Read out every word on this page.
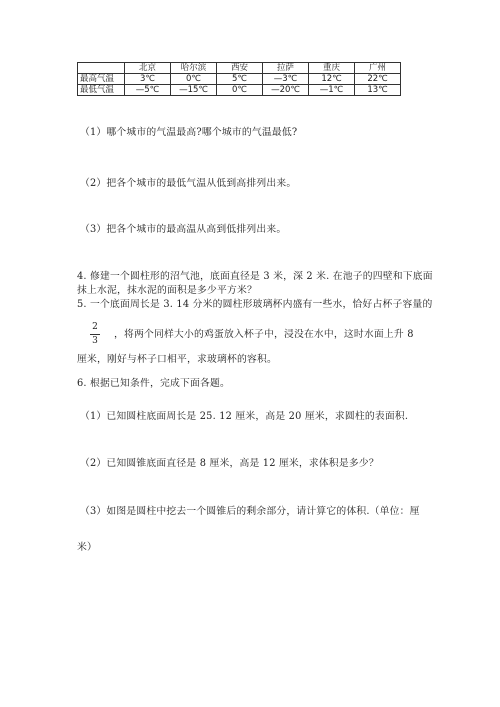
	北京	哈尔滨	西安	拉萨	重庆	广州
最高气温	3℃	0℃	5℃	—3℃	12℃	22℃
最低气温	—5℃	—15℃	0℃	—20℃	—1℃	13℃
（1）哪个城市的气温最高?哪个城市的气温最低?
（2）把各个城市的最低气温从低到高排列出来。
（3）把各个城市的最高温从高到低排列出来。
4. 修建一个圆柱形的沼气池，底面直径是 3 米，深 2 米. 在池子的四壁和下底面
抹上水泥，抹水泥的面积是多少平方米？
5. 一个底面周长是 3. 14 分米的圆柱形玻璃杯内盛有一些水，恰好占杯子容量的
2
3
，将两个同样大小的鸡蛋放入杯子中，浸没在水中，这时水面上升 8
厘米，刚好与杯子口相平，求玻璃杯的容积。
6. 根据已知条件，完成下面各题。
（1）已知圆柱底面周长是 25. 12 厘米，高是 20 厘米，求圆柱的表面积.
（2）已知圆锥底面直径是 8 厘米，高是 12 厘米，求体积是多少？
（3）如图是圆柱中挖去一个圆锥后的剩余部分，请计算它的体积.（单位：厘
米）
